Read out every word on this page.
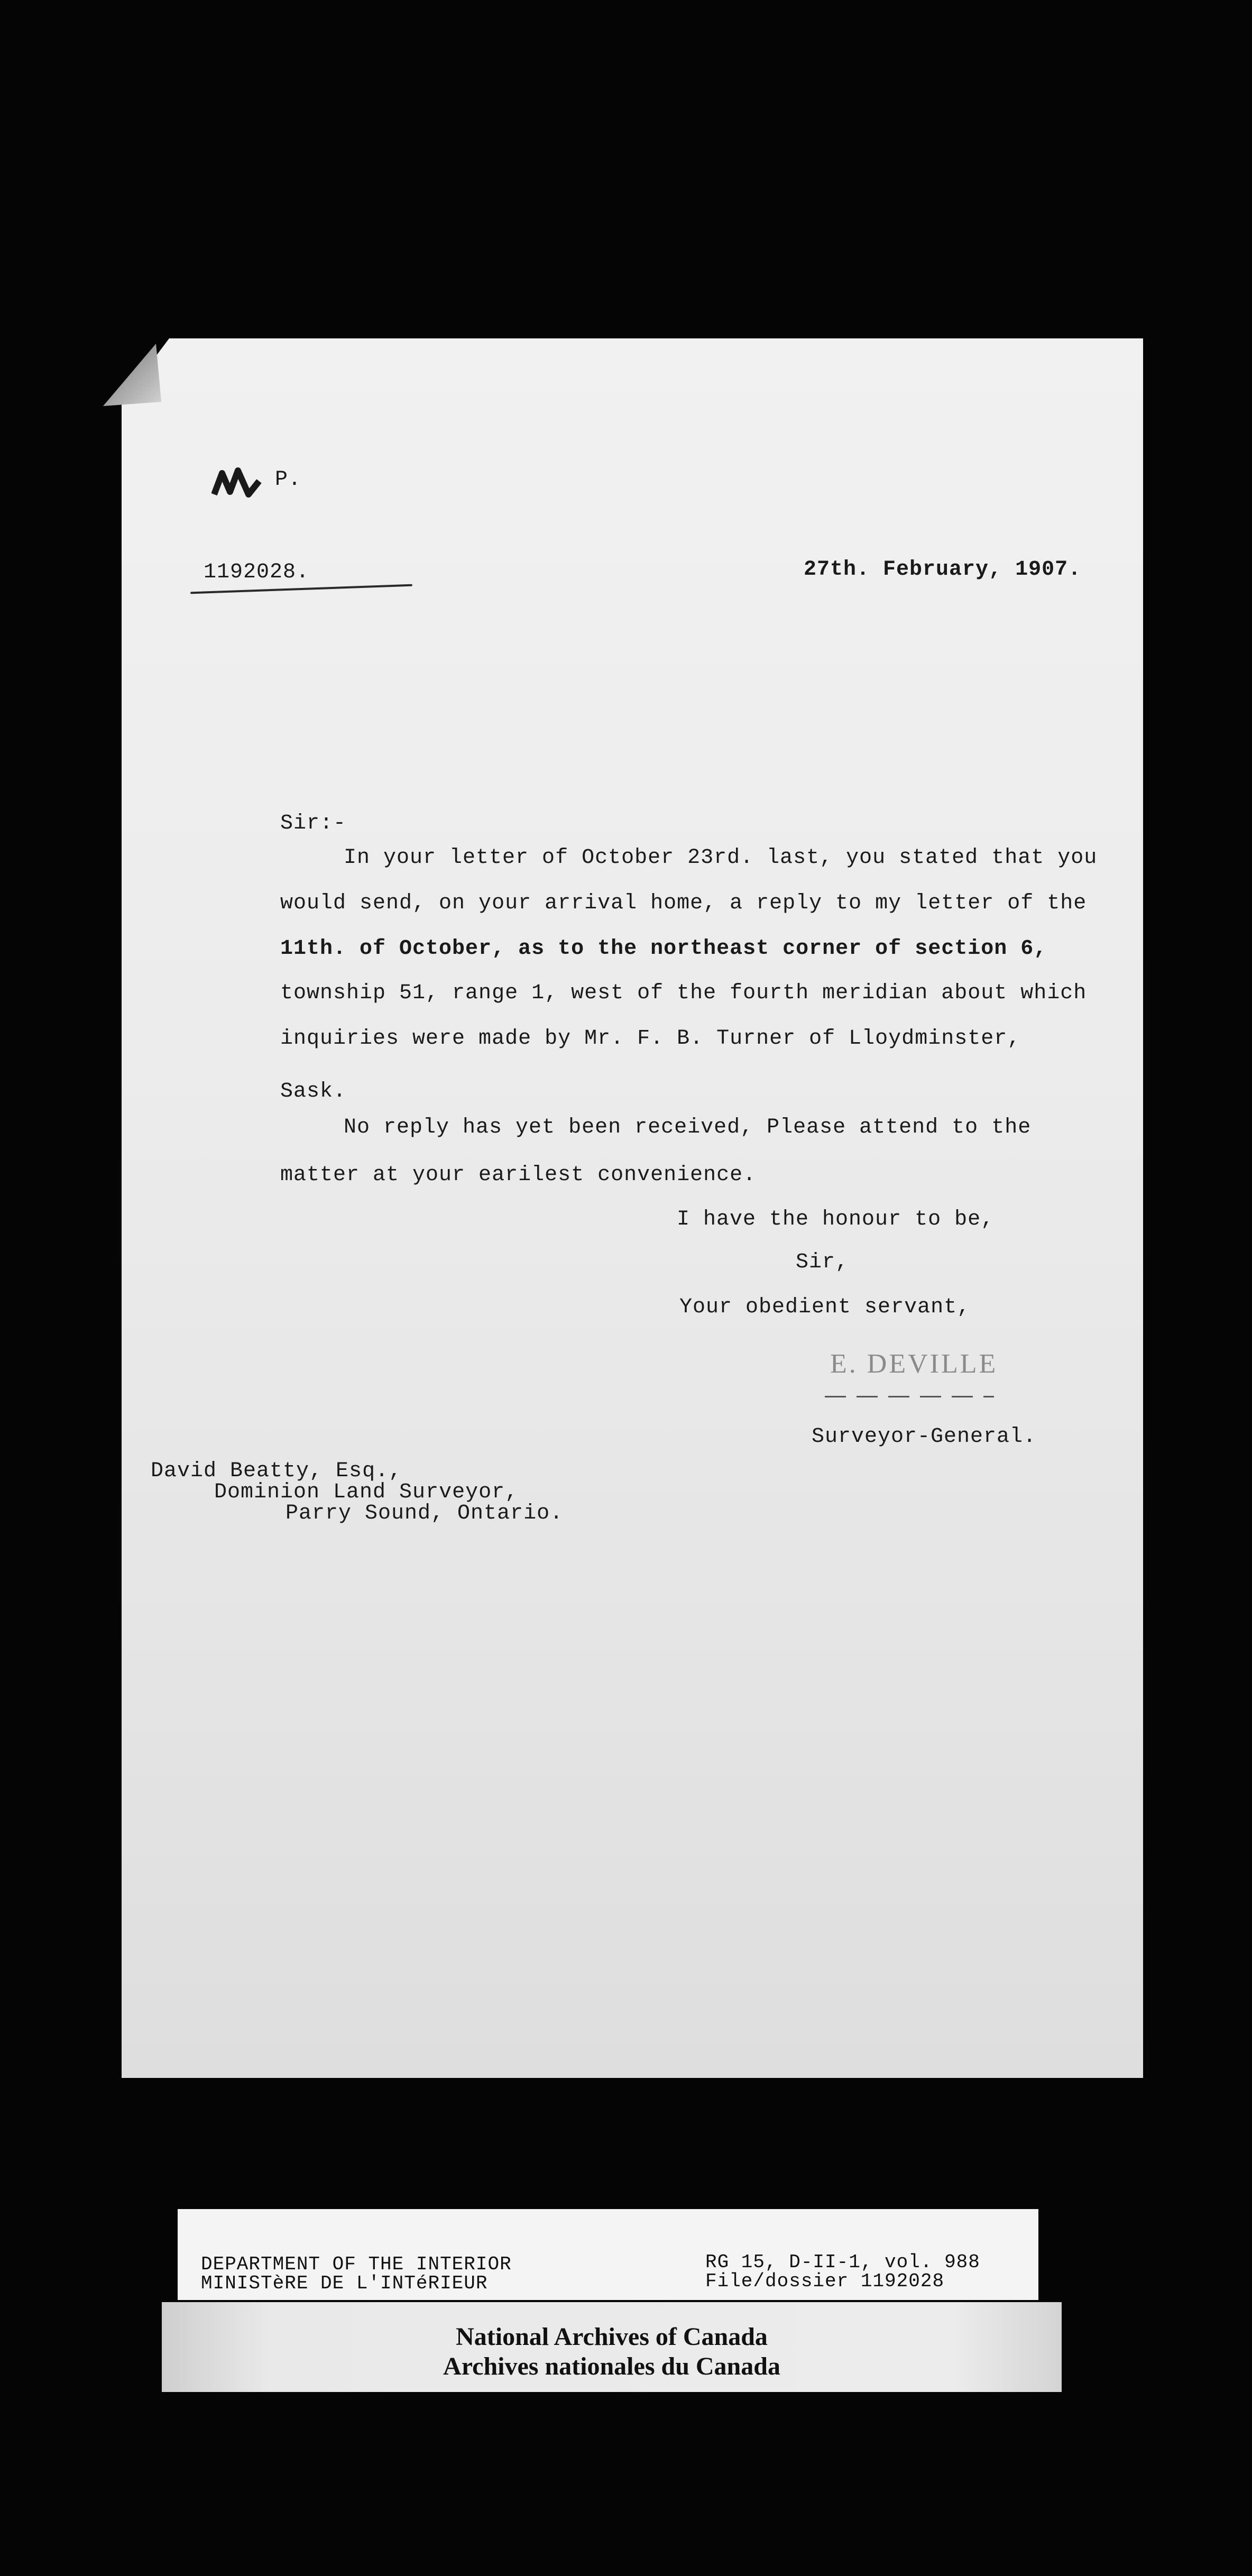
P.
1192028.	27th. February, 1907.
Sir:-
In your letter of October 23rd. last, you stated that you
would send, on your arrival home, a reply to my letter of the
11th. of October, as to the northeast corner of section 6,
township 51, range 1, west of the fourth meridian about which
inquiries were made by Mr. F. B. Turner of Lloydminster,
Sask.
No reply has yet been received, Please attend to the
matter at your earilest convenience.
I have the honour to be,
Sir,
Your obedient servant,
E. DEVILLE
Surveyor-General.
David Beatty, Esq.,
Dominion Land Surveyor,
Parry Sound, Ontario.
DEPARTMENT OF THE INTERIOR
MINISTèRE DE L'INTéRIEUR
RG 15, D-II-1, vol. 988
File/dossier 1192028
National Archives of Canada
Archives nationales du Canada
